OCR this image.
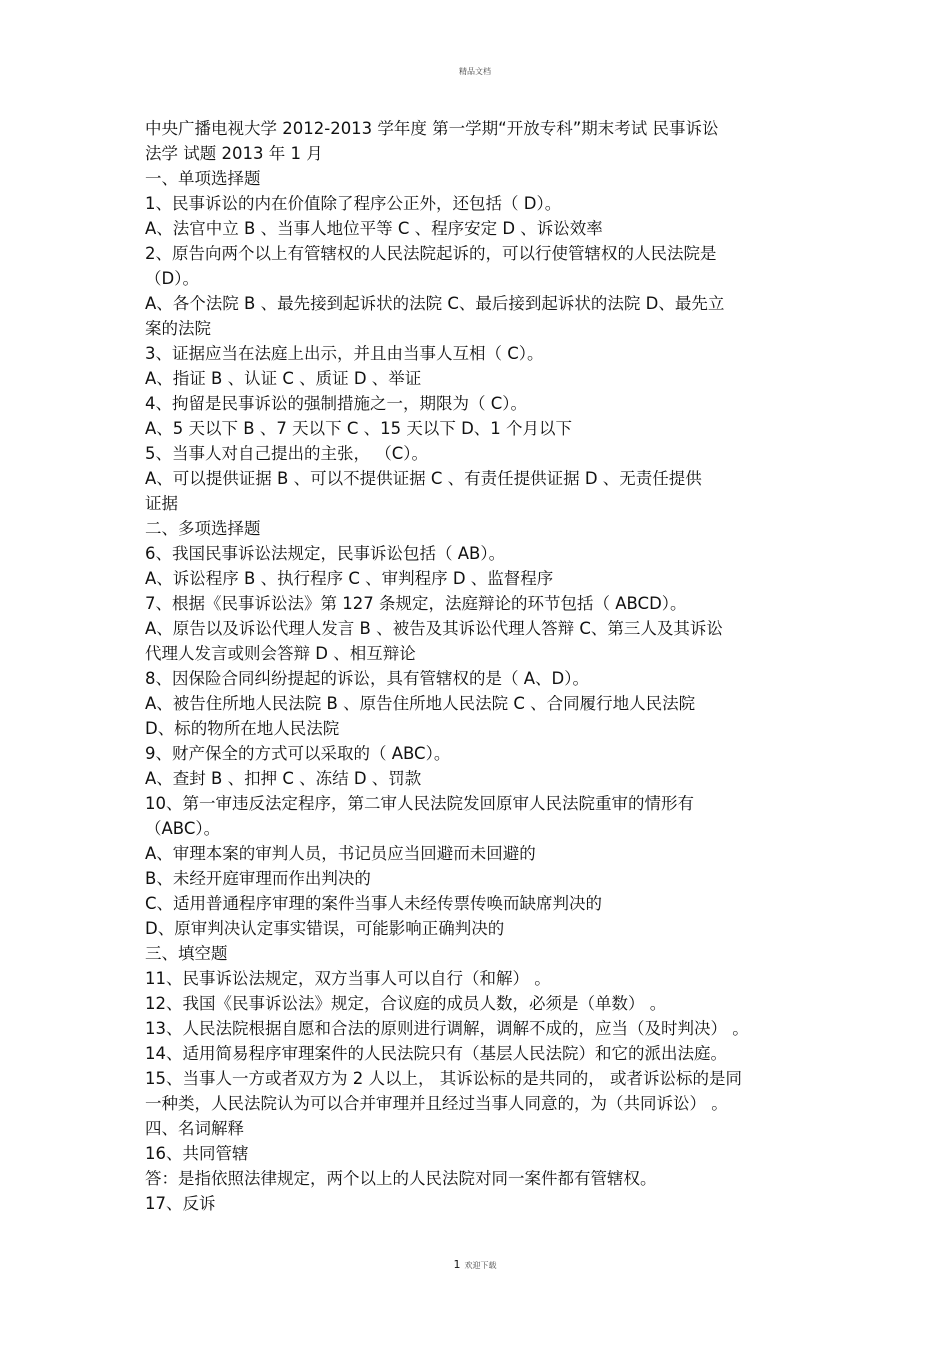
精品文档
中央广播电视大学 2012-2013 学年度 第一学期“开放专科”期末考试 民事诉讼
法学 试题 2013 年 1 月
一、单项选择题
1、民事诉讼的内在价值除了程序公正外，还包括（ D）。
A、法官中立 B 、当事人地位平等 C 、程序安定 D 、诉讼效率
2、原告向两个以上有管辖权的人民法院起诉的，可以行使管辖权的人民法院是
（D）。
A、各个法院 B 、最先接到起诉状的法院 C、最后接到起诉状的法院 D、最先立
案的法院
3、证据应当在法庭上出示，并且由当事人互相（ C）。
A、指证 B 、认证 C 、质证 D 、举证
4、拘留是民事诉讼的强制措施之一，期限为（ C）。
A、5 天以下 B 、7 天以下 C 、15 天以下 D、1 个月以下
5、当事人对自己提出的主张， （C）。
A、可以提供证据 B 、可以不提供证据 C 、有责任提供证据 D 、无责任提供
证据
二、多项选择题
6、我国民事诉讼法规定，民事诉讼包括（ AB）。
A、诉讼程序 B 、执行程序 C 、审判程序 D 、监督程序
7、根据《民事诉讼法》第 127 条规定，法庭辩论的环节包括（ ABCD）。
A、原告以及诉讼代理人发言 B 、被告及其诉讼代理人答辩 C、第三人及其诉讼
代理人发言或则会答辩 D 、相互辩论
8、因保险合同纠纷提起的诉讼，具有管辖权的是（ A、D）。
A、被告住所地人民法院 B 、原告住所地人民法院 C 、合同履行地人民法院
D、标的物所在地人民法院
9、财产保全的方式可以采取的（ ABC）。
A、查封 B 、扣押 C 、冻结 D 、罚款
10、第一审违反法定程序，第二审人民法院发回原审人民法院重审的情形有
（ABC）。
A、审理本案的审判人员，书记员应当回避而未回避的
B、未经开庭审理而作出判决的
C、适用普通程序审理的案件当事人未经传票传唤而缺席判决的
D、原审判决认定事实错误，可能影响正确判决的
三、填空题
11、民事诉讼法规定，双方当事人可以自行（和解） 。
12、我国《民事诉讼法》规定，合议庭的成员人数，必须是（单数） 。
13、人民法院根据自愿和合法的原则进行调解，调解不成的，应当（及时判决） 。
14、适用简易程序审理案件的人民法院只有（基层人民法院）和它的派出法庭。
15、当事人一方或者双方为 2 人以上， 其诉讼标的是共同的， 或者诉讼标的是同
一种类，人民法院认为可以合并审理并且经过当事人同意的，为（共同诉讼） 。
四、名词解释
16、共同管辖
答：是指依照法律规定，两个以上的人民法院对同一案件都有管辖权。
17、反诉
1 欢迎下载
